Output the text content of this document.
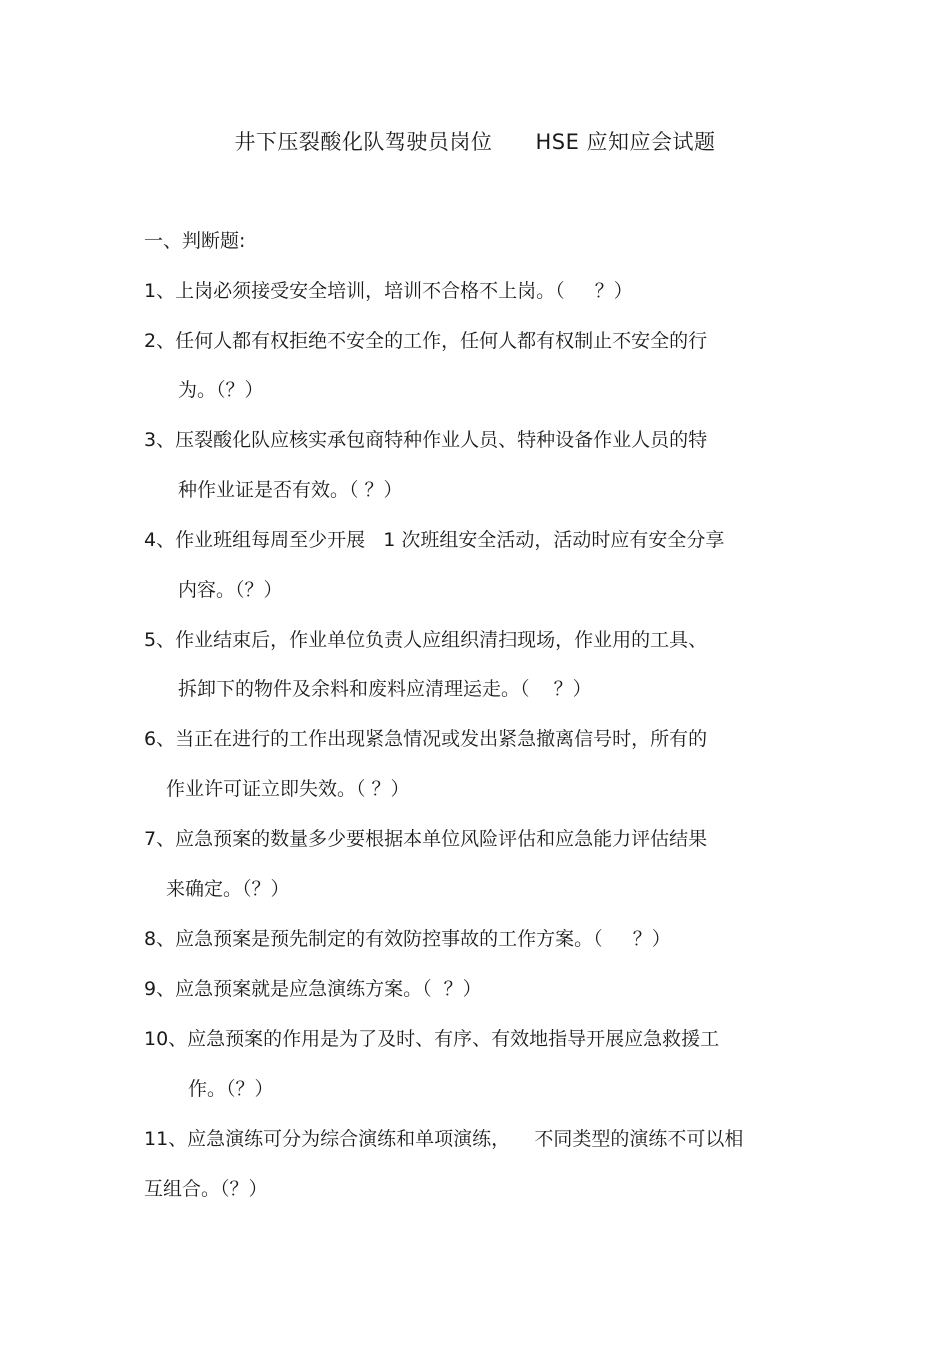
井下压裂酸化队驾驶员岗位      HSE 应知应会试题
一、判断题:
1、上岗必须接受安全培训，培训不合格不上岗。（     ？）
2、任何人都有权拒绝不安全的工作，任何人都有权制止不安全的行
为。（？）
3、压裂酸化队应核实承包商特种作业人员、特种设备作业人员的特
种作业证是否有效。（ ？）
4、作业班组每周至少开展   1 次班组安全活动，活动时应有安全分享
内容。（？）
5、作业结束后，作业单位负责人应组织清扫现场，作业用的工具、
拆卸下的物件及余料和废料应清理运走。（    ？）
6、当正在进行的工作出现紧急情况或发出紧急撤离信号时，所有的
作业许可证立即失效。（ ？）
7、应急预案的数量多少要根据本单位风险评估和应急能力评估结果
来确定。（？）
8、应急预案是预先制定的有效防控事故的工作方案。（     ？）
9、应急预案就是应急演练方案。（  ？）
10、应急预案的作用是为了及时、有序、有效地指导开展应急救援工
作。（？）
11、应急演练可分为综合演练和单项演练，    不同类型的演练不可以相
互组合。（？）
